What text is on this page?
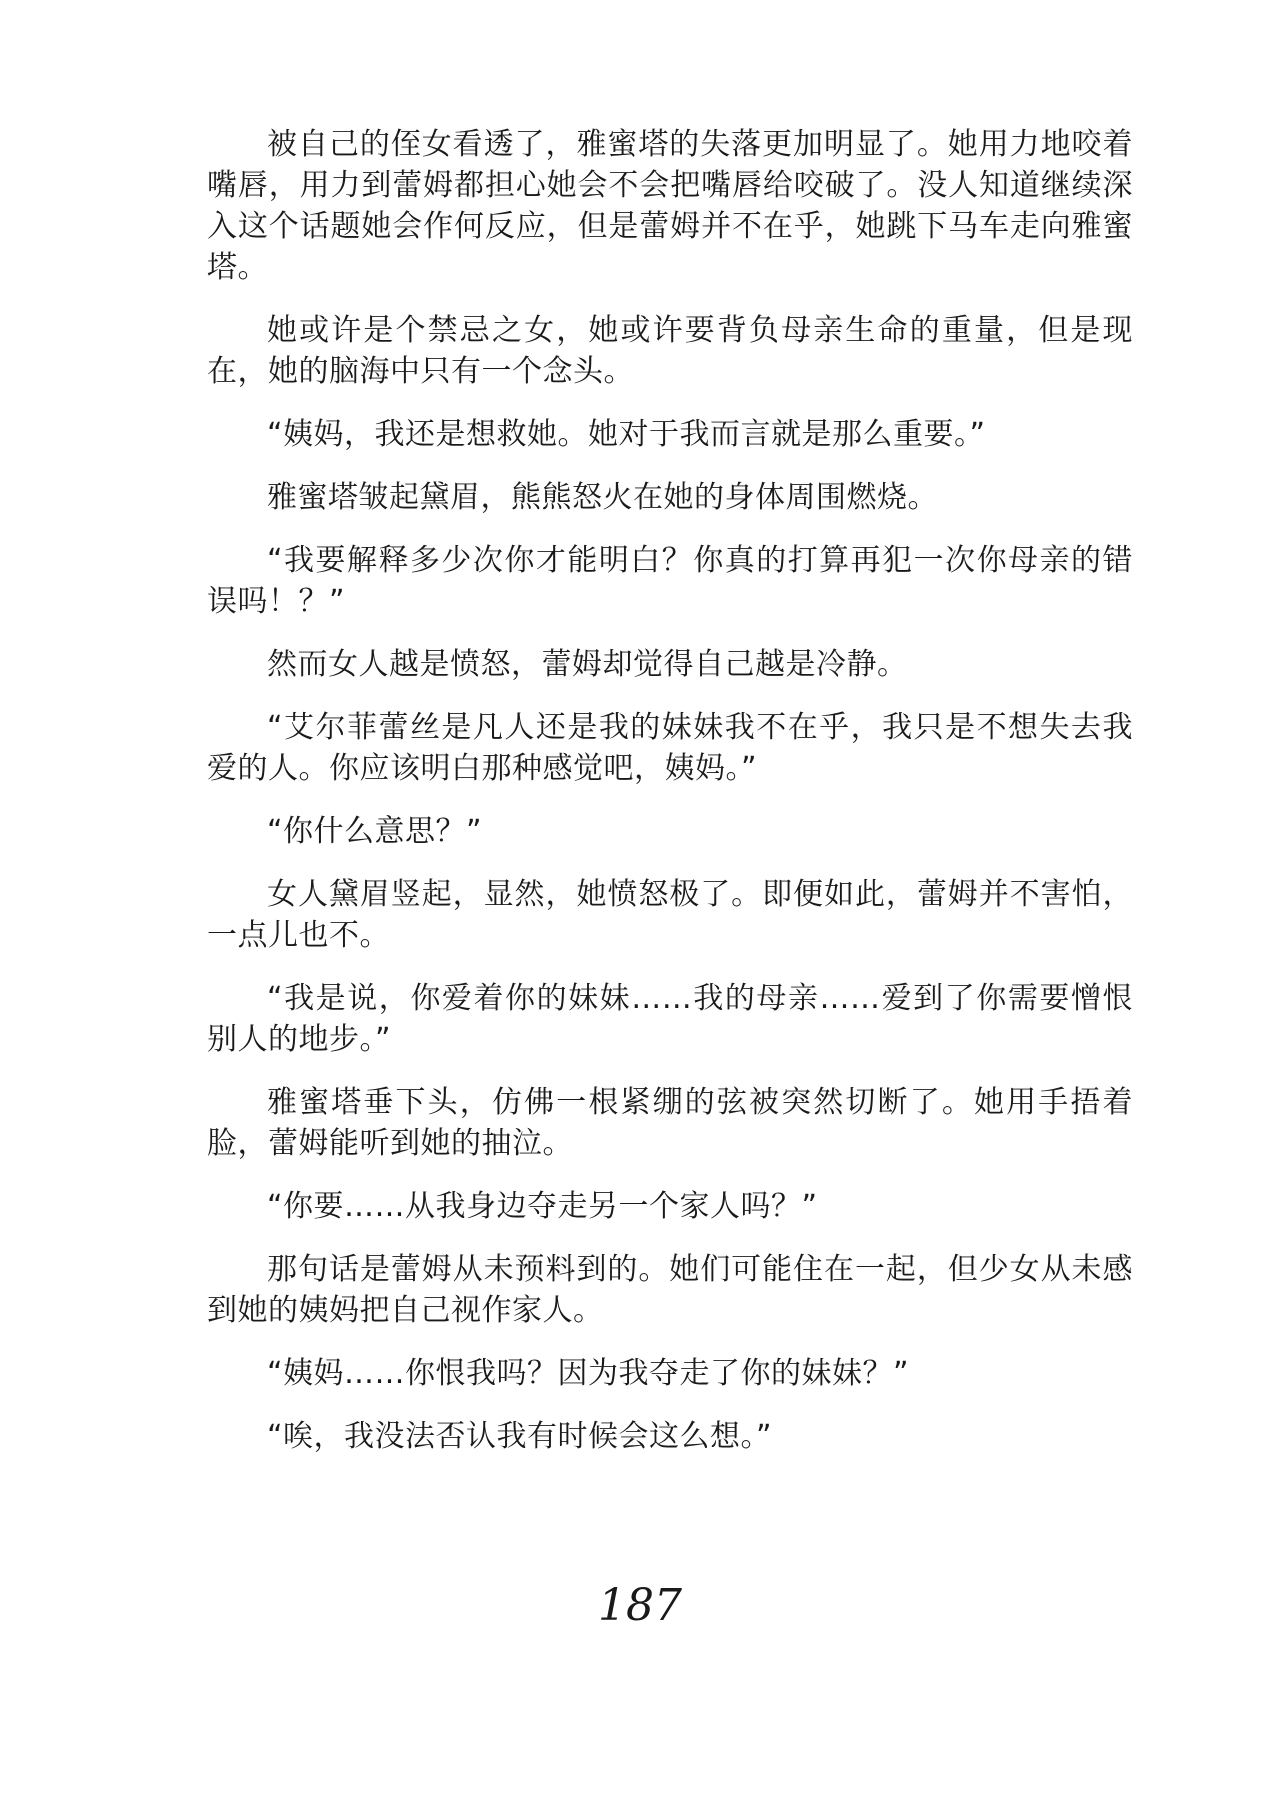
被自己的侄女看透了，雅蜜塔的失落更加明显了。她用力地咬着嘴唇，用力到蕾姆都担心她会不会把嘴唇给咬破了。没人知道继续深入这个话题她会作何反应，但是蕾姆并不在乎，她跳下马车走向雅蜜塔。

她或许是个禁忌之女，她或许要背负母亲生命的重量，但是现在，她的脑海中只有一个念头。

“姨妈，我还是想救她。她对于我而言就是那么重要。”

雅蜜塔皱起黛眉，熊熊怒火在她的身体周围燃烧。

“我要解释多少次你才能明白？你真的打算再犯一次你母亲的错误吗！？”

然而女人越是愤怒，蕾姆却觉得自己越是冷静。

“艾尔菲蕾丝是凡人还是我的妹妹我不在乎，我只是不想失去我爱的人。你应该明白那种感觉吧，姨妈。”

“你什么意思？”

女人黛眉竖起，显然，她愤怒极了。即便如此，蕾姆并不害怕，一点儿也不。

“我是说，你爱着你的妹妹……我的母亲……爱到了你需要憎恨别人的地步。”

雅蜜塔垂下头，仿佛一根紧绷的弦被突然切断了。她用手捂着脸，蕾姆能听到她的抽泣。

“你要……从我身边夺走另一个家人吗？”

那句话是蕾姆从未预料到的。她们可能住在一起，但少女从未感到她的姨妈把自己视作家人。

“姨妈……你恨我吗？因为我夺走了你的妹妹？”

“唉，我没法否认我有时候会这么想。”

187
